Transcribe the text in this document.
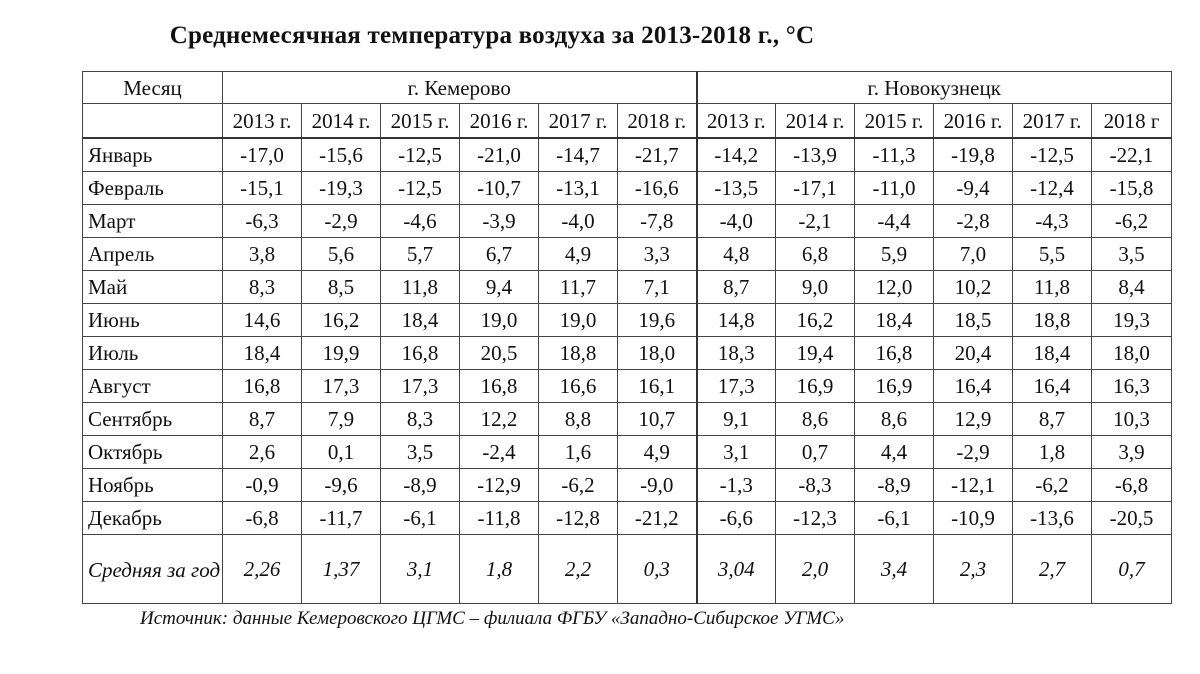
Среднемесячная температура воздуха за 2013-2018 г., °С
Месяц	г. Кемерово						г. Новокузнецк					
	2013 г.	2014 г.	2015 г.	2016 г.	2017 г.	2018 г.	2013 г.	2014 г.	2015 г.	2016 г.	2017 г.	2018 г
Январь	-17,0	-15,6	-12,5	-21,0	-14,7	-21,7	-14,2	-13,9	-11,3	-19,8	-12,5	-22,1
Февраль	-15,1	-19,3	-12,5	-10,7	-13,1	-16,6	-13,5	-17,1	-11,0	-9,4	-12,4	-15,8
Март	-6,3	-2,9	-4,6	-3,9	-4,0	-7,8	-4,0	-2,1	-4,4	-2,8	-4,3	-6,2
Апрель	3,8	5,6	5,7	6,7	4,9	3,3	4,8	6,8	5,9	7,0	5,5	3,5
Май	8,3	8,5	11,8	9,4	11,7	7,1	8,7	9,0	12,0	10,2	11,8	8,4
Июнь	14,6	16,2	18,4	19,0	19,0	19,6	14,8	16,2	18,4	18,5	18,8	19,3
Июль	18,4	19,9	16,8	20,5	18,8	18,0	18,3	19,4	16,8	20,4	18,4	18,0
Август	16,8	17,3	17,3	16,8	16,6	16,1	17,3	16,9	16,9	16,4	16,4	16,3
Сентябрь	8,7	7,9	8,3	12,2	8,8	10,7	9,1	8,6	8,6	12,9	8,7	10,3
Октябрь	2,6	0,1	3,5	-2,4	1,6	4,9	3,1	0,7	4,4	-2,9	1,8	3,9
Ноябрь	-0,9	-9,6	-8,9	-12,9	-6,2	-9,0	-1,3	-8,3	-8,9	-12,1	-6,2	-6,8
Декабрь	-6,8	-11,7	-6,1	-11,8	-12,8	-21,2	-6,6	-12,3	-6,1	-10,9	-13,6	-20,5
Средняя за год	2,26	1,37	3,1	1,8	2,2	0,3	3,04	2,0	3,4	2,3	2,7	0,7
Источник: данные Кемеровского ЦГМС – филиала ФГБУ «Западно-Сибирское УГМС»
